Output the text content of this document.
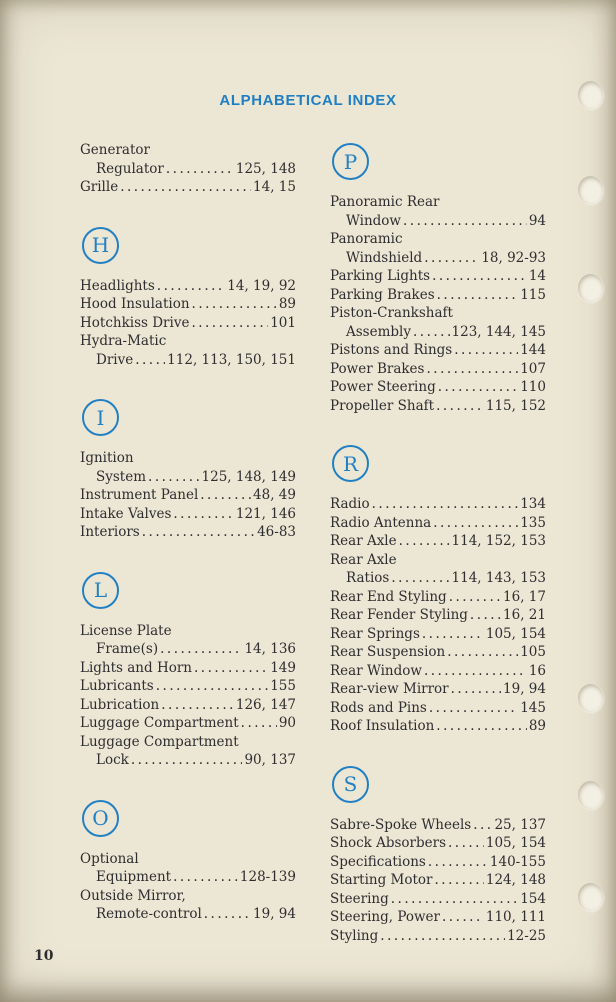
ALPHABETICAL INDEX
Generator
Regulator .....	125, 148
Grille .....	14, 15
H
Headlights .....	14, 19, 92
Hood Insulation .....	89
Hotchkiss Drive .....	101
Hydra-Matic
Drive .....	112, 113, 150, 151
I
Ignition
System .....	125, 148, 149
Instrument Panel .....	48, 49
Intake Valves .....	121, 146
Interiors .....	46-83
L
License Plate
Frame(s) .....	14, 136
Lights and Horn .....	149
Lubricants .....	155
Lubrication .....	126, 147
Luggage Compartment .....	90
Luggage Compartment
Lock .....	90, 137
O
Optional
Equipment .....	128-139
Outside Mirror,
Remote-control .....	19, 94
P
Panoramic Rear
Window .....	94
Panoramic
Windshield .....	18, 92-93
Parking Lights .....	14
Parking Brakes .....	115
Piston-Crankshaft
Assembly .....	123, 144, 145
Pistons and Rings .....	144
Power Brakes .....	107
Power Steering .....	110
Propeller Shaft .....	115, 152
R
Radio .....	134
Radio Antenna .....	135
Rear Axle .....	114, 152, 153
Rear Axle
Ratios .....	114, 143, 153
Rear End Styling .....	16, 17
Rear Fender Styling .....	16, 21
Rear Springs .....	105, 154
Rear Suspension .....	105
Rear Window .....	16
Rear-view Mirror .....	19, 94
Rods and Pins .....	145
Roof Insulation .....	89
S
Sabre-Spoke Wheels ..... 25, 137
Shock Absorbers .....	105, 154
Specifications .....	140-155
Starting Motor .....	124, 148
Steering .....	154
Steering, Power .....	110, 111
Styling .....	12-25
10
